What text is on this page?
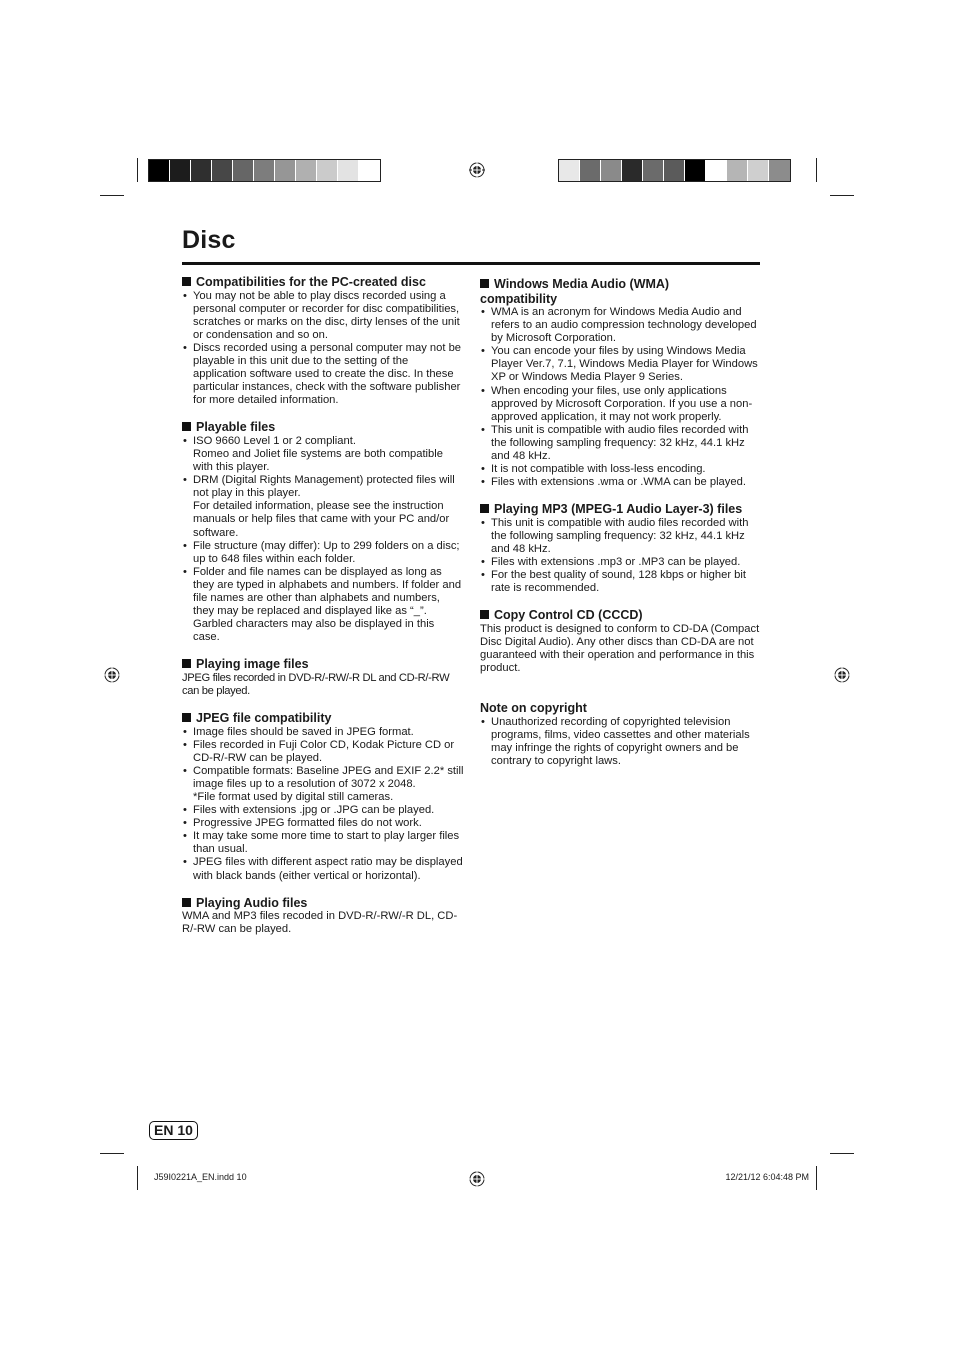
Disc
Compatibilities for the PC-created disc
• You may not be able to play discs recorded using a personal computer or recorder for disc compatibilities, scratches or marks on the disc, dirty lenses of the unit or condensation and so on.
• Discs recorded using a personal computer may not be playable in this unit due to the setting of the application software used to create the disc. In these particular instances, check with the software publisher for more detailed information.
Playable files
• ISO 9660 Level 1 or 2 compliant.
Romeo and Joliet file systems are both compatible with this player.
• DRM (Digital Rights Management) protected files will not play in this player.
For detailed information, please see the instruction manuals or help files that came with your PC and/or software.
• File structure (may differ): Up to 299 folders on a disc; up to 648 files within each folder.
• Folder and file names can be displayed as long as they are typed in alphabets and numbers. If folder and file names are other than alphabets and numbers, they may be replaced and displayed like as “_”. Garbled characters may also be displayed in this case.
Playing image files

JPEG files recorded in DVD-R/-RW/-R DL and CD-R/-RW can be played.

JPEG file compatibility
• Image files should be saved in JPEG format.
• Files recorded in Fuji Color CD, Kodak Picture CD or CD-R/-RW can be played.
• Compatible formats: Baseline JPEG and EXIF 2.2* still image files up to a resolution of 3072 x 2048.
*File format used by digital still cameras.
• Files with extensions .jpg or .JPG can be played.
• Progressive JPEG formatted files do not work.
• It may take some more time to start to play larger files than usual.
• JPEG files with different aspect ratio may be displayed with black bands (either vertical or horizontal).
Playing Audio files

WMA and MP3 files recoded in DVD-R/-RW/-R DL, CD-R/-RW can be played.

Windows Media Audio (WMA)
compatibility
• WMA is an acronym for Windows Media Audio and refers to an audio compression technology developed by Microsoft Corporation.
• You can encode your files by using Windows Media Player Ver.7, 7.1, Windows Media Player for Windows XP or Windows Media Player 9 Series.
• When encoding your files, use only applications approved by Microsoft Corporation. If you use a non-approved application, it may not work properly.
• This unit is compatible with audio files recorded with the following sampling frequency: 32 kHz, 44.1 kHz and 48 kHz.
• It is not compatible with loss-less encoding.
• Files with extensions .wma or .WMA can be played.
Playing MP3 (MPEG-1 Audio Layer-3) files
• This unit is compatible with audio files recorded with the following sampling frequency: 32 kHz, 44.1 kHz and 48 kHz.
• Files with extensions .mp3 or .MP3 can be played.
• For the best quality of sound, 128 kbps or higher bit rate is recommended.
Copy Control CD (CCCD)

This product is designed to conform to CD-DA (Compact Disc Digital Audio). Any other discs than CD-DA are not guaranteed with their operation and performance in this product.

Note on copyright
• Unauthorized recording of copyrighted television programs, films, video cassettes and other materials may infringe the rights of copyright owners and be contrary to copyright laws.
EN 10
J59I0221A_EN.indd 10	12/21/12 6:04:48 PM
